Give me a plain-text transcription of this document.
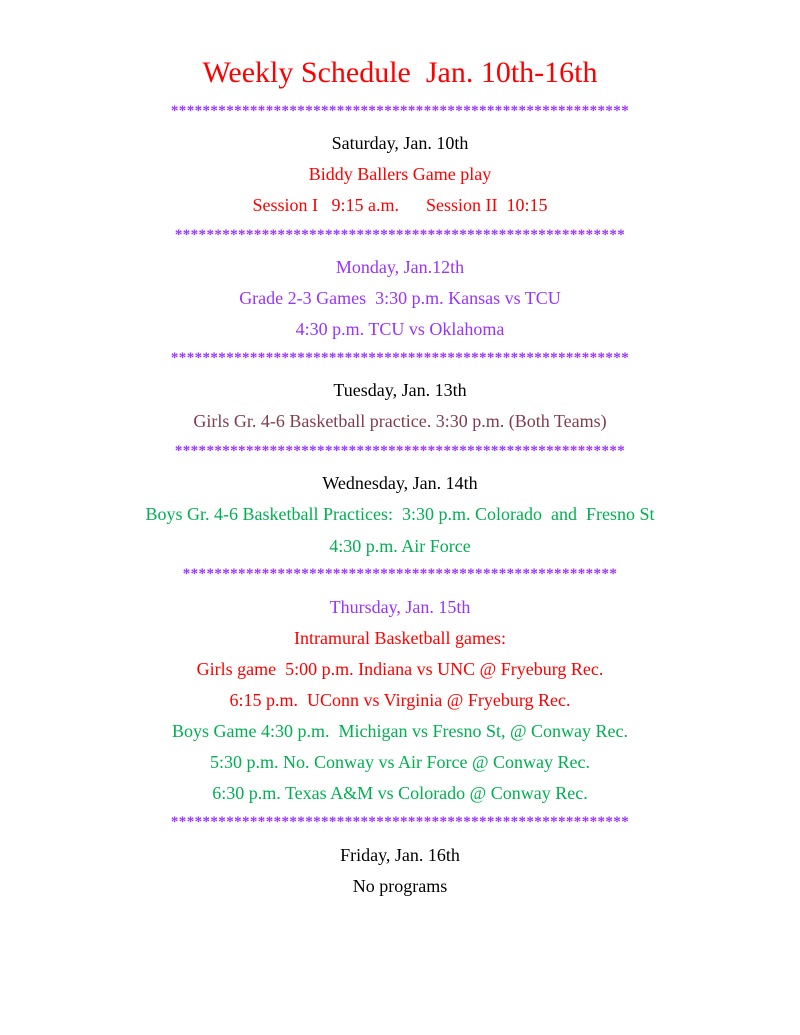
Weekly Schedule  Jan. 10th-16th
**********************************************************
Saturday, Jan. 10th
Biddy Ballers Game play
Session I   9:15 a.m.      Session II  10:15
*********************************************************
Monday, Jan.12th
Grade 2-3 Games  3:30 p.m. Kansas vs TCU
4:30 p.m. TCU vs Oklahoma
**********************************************************
Tuesday, Jan. 13th
Girls Gr. 4-6 Basketball practice. 3:30 p.m. (Both Teams)
*********************************************************
Wednesday, Jan. 14th
Boys Gr. 4-6 Basketball Practices:  3:30 p.m. Colorado  and  Fresno St
4:30 p.m. Air Force
*******************************************************
Thursday, Jan. 15th
Intramural Basketball games:
Girls game  5:00 p.m. Indiana vs UNC @ Fryeburg Rec.
6:15 p.m.  UConn vs Virginia @ Fryeburg Rec.
Boys Game 4:30 p.m.  Michigan vs Fresno St, @ Conway Rec.
5:30 p.m. No. Conway vs Air Force @ Conway Rec.
6:30 p.m. Texas A&M vs Colorado @ Conway Rec.
**********************************************************
Friday, Jan. 16th
No programs
